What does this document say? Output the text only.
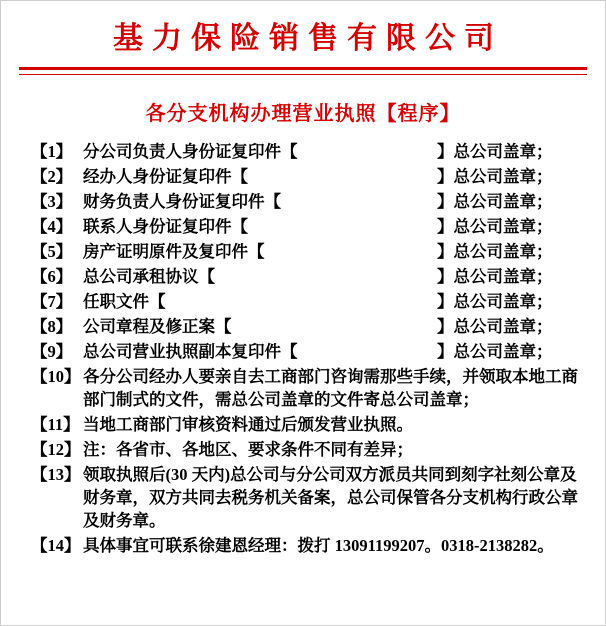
基力保险销售有限公司
各分支机构办理营业执照【程序】
【1】 分公司负责人身份证复印件【	】总公司盖章；
【2】 经办人身份证复印件【	】总公司盖章；
【3】 财务负责人身份证复印件【	】总公司盖章；
【4】 联系人身份证复印件【	】总公司盖章；
【5】 房产证明原件及复印件【	】总公司盖章；
【6】 总公司承租协议【	】总公司盖章；
【7】 任职文件【	】总公司盖章；
【8】 公司章程及修正案【	】总公司盖章；
【9】 总公司营业执照副本复印件【	】总公司盖章；
【10】 各分公司经办人要亲自去工商部门咨询需那些手续，并领取本地工商部门制式的文件，需总公司盖章的文件寄总公司盖章；
【11】 当地工商部门审核资料通过后颁发营业执照。
【12】 注：各省市、各地区、要求条件不同有差异；
【13】 领取执照后(30 天内)总公司与分公司双方派员共同到刻字社刻公章及财务章，双方共同去税务机关备案，总公司保管各分支机构行政公章及财务章。
【14】 具体事宜可联系徐建恩经理：拨打 13091199207。0318-2138282。
